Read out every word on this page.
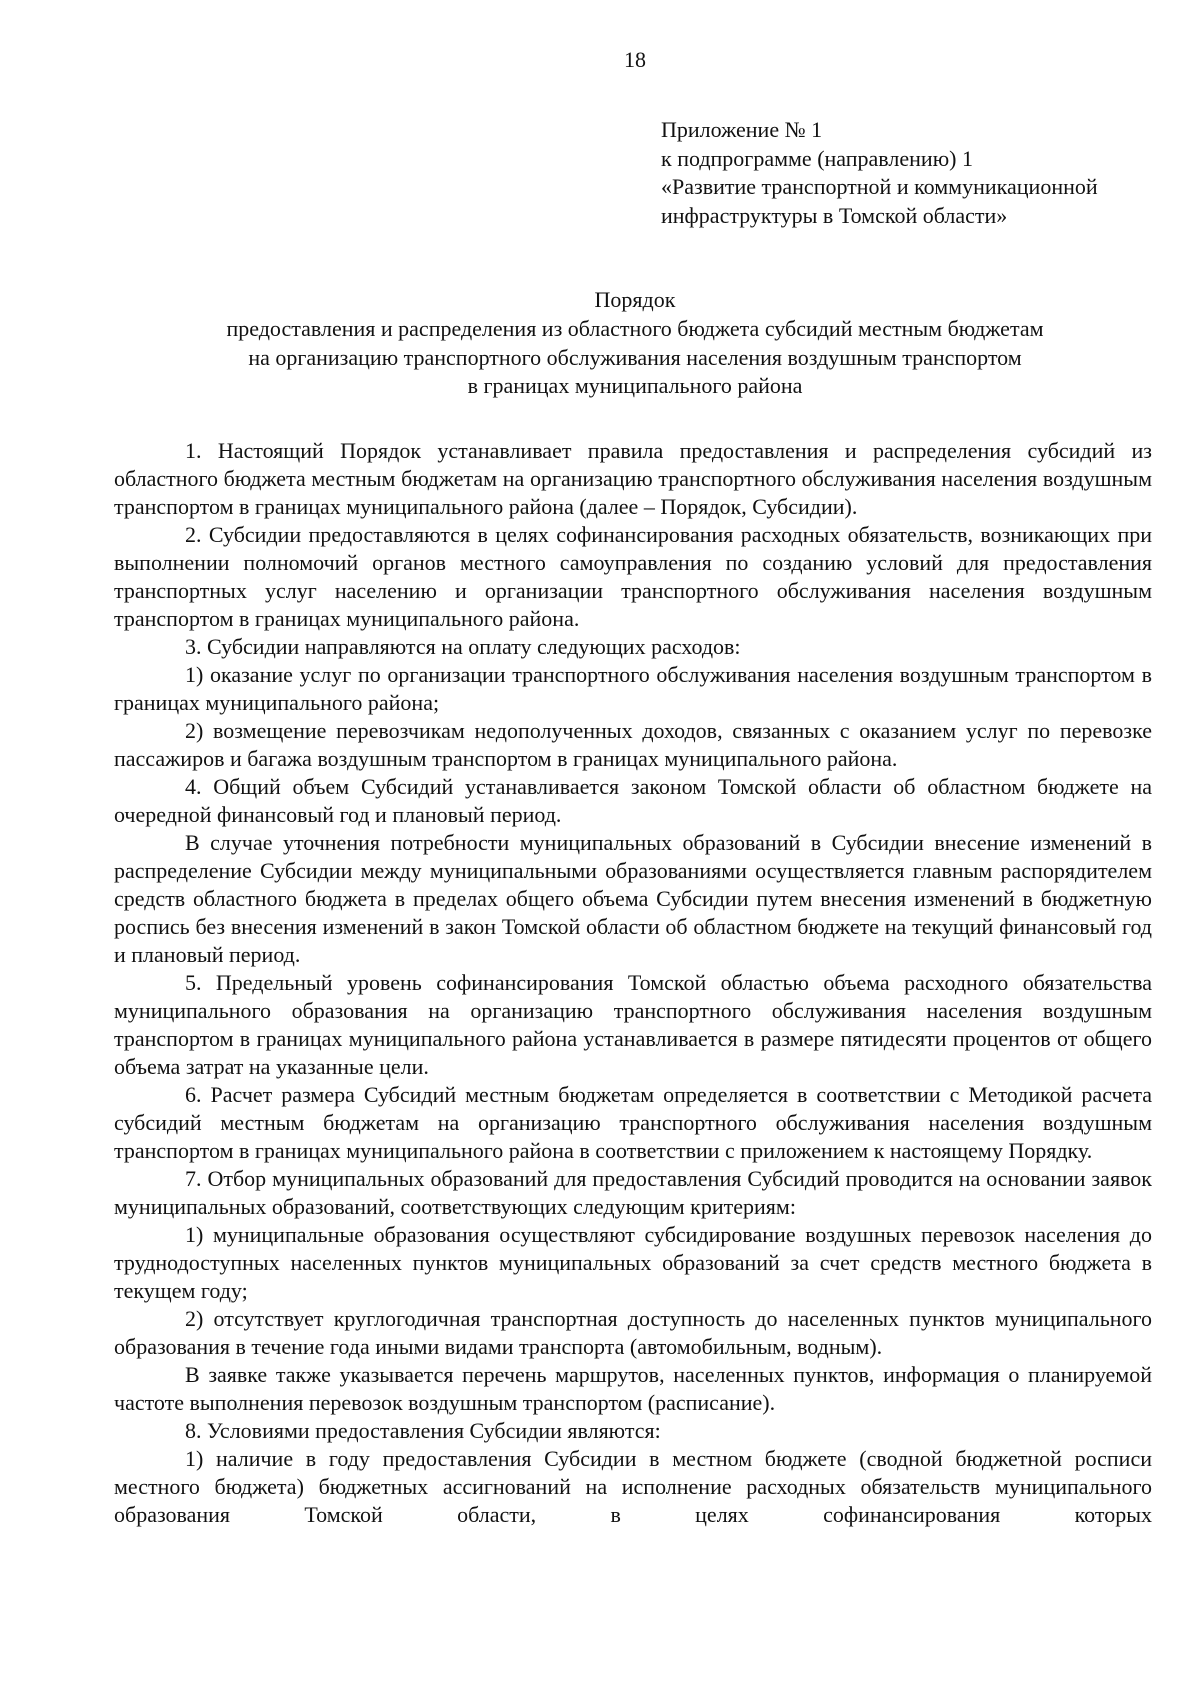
18
Приложение № 1
к подпрограмме (направлению) 1
«Развитие транспортной и коммуникационной
инфраструктуры в Томской области»
Порядок
предоставления и распределения из областного бюджета субсидий местным бюджетам
на организацию транспортного обслуживания населения воздушным транспортом
в границах муниципального района

1. Настоящий Порядок устанавливает правила предоставления и распределения субсидий из областного бюджета местным бюджетам на организацию транспортного обслуживания населения воздушным транспортом в границах муниципального района (далее – Порядок, Субсидии).

2. Субсидии предоставляются в целях софинансирования расходных обязательств, возникающих при выполнении полномочий органов местного самоуправления по созданию условий для предоставления транспортных услуг населению и организации транспортного обслуживания населения воздушным транспортом в границах муниципального района.

3. Субсидии направляются на оплату следующих расходов:

1) оказание услуг по организации транспортного обслуживания населения воздушным транспортом в границах муниципального района;

2) возмещение перевозчикам недополученных доходов, связанных с оказанием услуг по перевозке пассажиров и багажа воздушным транспортом в границах муниципального района.

4. Общий объем Субсидий устанавливается законом Томской области об областном бюджете на очередной финансовый год и плановый период.

В случае уточнения потребности муниципальных образований в Субсидии внесение изменений в распределение Субсидии между муниципальными образованиями осуществляется главным распорядителем средств областного бюджета в пределах общего объема Субсидии путем внесения изменений в бюджетную роспись без внесения изменений в закон Томской области об областном бюджете на текущий финансовый год и плановый период.

5. Предельный уровень софинансирования Томской областью объема расходного обязательства муниципального образования на организацию транспортного обслуживания населения воздушным транспортом в границах муниципального района устанавливается в размере пятидесяти процентов от общего объема затрат на указанные цели.

6. Расчет размера Субсидий местным бюджетам определяется в соответствии с Методикой расчета субсидий местным бюджетам на организацию транспортного обслуживания населения воздушным транспортом в границах муниципального района в соответствии с приложением к настоящему Порядку.

7. Отбор муниципальных образований для предоставления Субсидий проводится на основании заявок муниципальных образований, соответствующих следующим критериям:

1) муниципальные образования осуществляют субсидирование воздушных перевозок населения до труднодоступных населенных пунктов муниципальных образований за счет средств местного бюджета в текущем году;

2) отсутствует круглогодичная транспортная доступность до населенных пунктов муниципального образования в течение года иными видами транспорта (автомобильным, водным).

В заявке также указывается перечень маршрутов, населенных пунктов, информация о планируемой частоте выполнения перевозок воздушным транспортом (расписание).

8. Условиями предоставления Субсидии являются:

1) наличие в году предоставления Субсидии в местном бюджете (сводной бюджетной росписи местного бюджета) бюджетных ассигнований на исполнение расходных обязательств муниципального образования Томской области, в целях софинансирования которых
